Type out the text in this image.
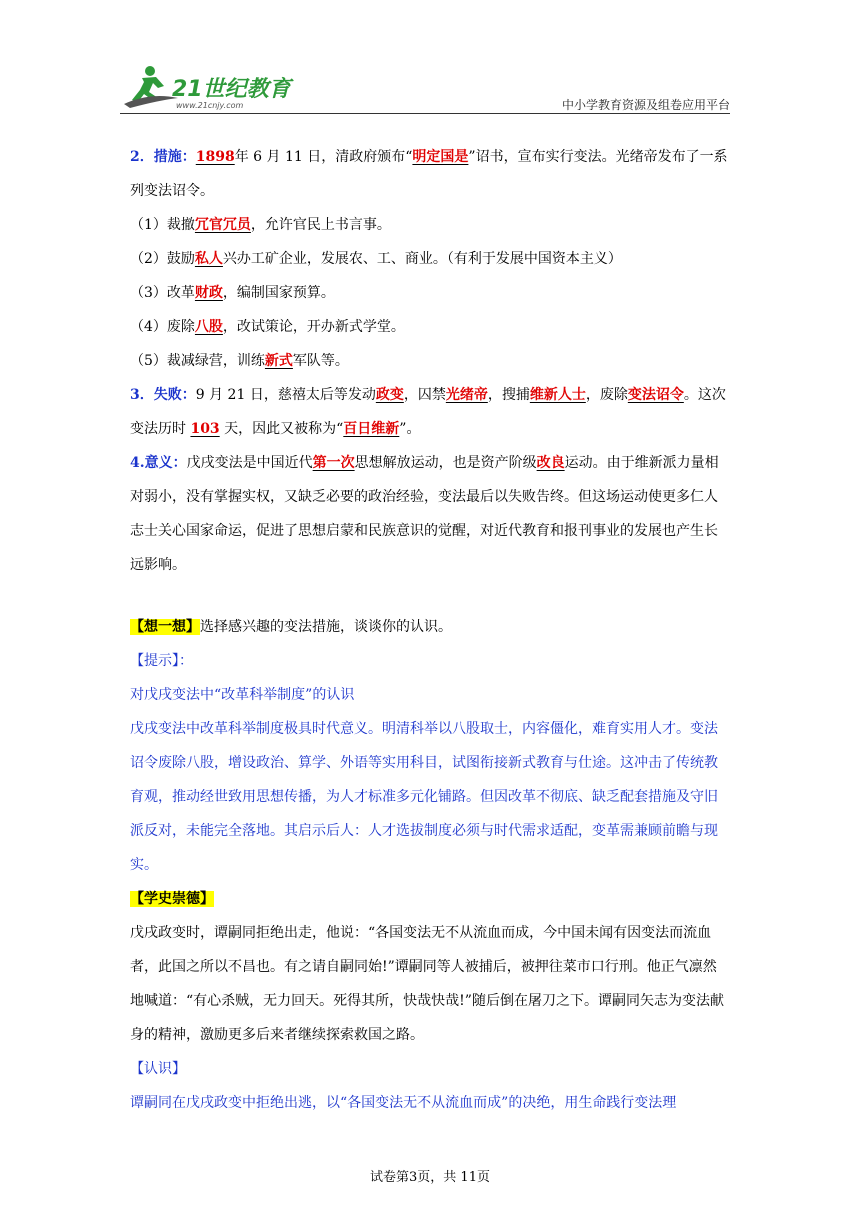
21世纪教育
www.21cnjy.com	中小学教育资源及组卷应用平台

2．措施：1898年 6 月 11 日，清政府颁布“明定国是”诏书，宣布实行变法。光绪帝发布了一系列变法诏令。

（1）裁撤冗官冗员，允许官民上书言事。

（2）鼓励私人兴办工矿企业，发展农、工、商业。（有利于发展中国资本主义）

（3）改革财政，编制国家预算。

（4）废除八股，改试策论，开办新式学堂。

（5）裁减绿营，训练新式军队等。

3．失败：9 月 21 日，慈禧太后等发动政变，囚禁光绪帝，搜捕维新人士，废除变法诏令。这次变法历时 103 天，因此又被称为“百日维新”。

4.意义：戊戌变法是中国近代第一次思想解放运动，也是资产阶级改良运动。由于维新派力量相对弱小，没有掌握实权，又缺乏必要的政治经验，变法最后以失败告终。但这场运动使更多仁人志士关心国家命运，促进了思想启蒙和民族意识的觉醒，对近代教育和报刊事业的发展也产生长远影响。

【想一想】选择感兴趣的变法措施，谈谈你的认识。

【提示】：

对戊戌变法中“改革科举制度”的认识

戊戌变法中改革科举制度极具时代意义。明清科举以八股取士，内容僵化，难育实用人才。变法诏令废除八股，增设政治、算学、外语等实用科目，试图衔接新式教育与仕途。这冲击了传统教育观，推动经世致用思想传播，为人才标准多元化铺路。但因改革不彻底、缺乏配套措施及守旧派反对，未能完全落地。其启示后人：人才选拔制度必须与时代需求适配，变革需兼顾前瞻与现实。

【学史崇德】

戊戌政变时，谭嗣同拒绝出走，他说：“各国变法无不从流血而成，今中国未闻有因变法而流血者，此国之所以不昌也。有之请自嗣同始!”谭嗣同等人被捕后，被押往菜市口行刑。他正气凛然地喊道：“有心杀贼，无力回天。死得其所，快哉快哉!”随后倒在屠刀之下。谭嗣同矢志为变法献身的精神，激励更多后来者继续探索救国之路。

【认识】

谭嗣同在戊戌政变中拒绝出逃，以“各国变法无不从流血而成”的决绝，用生命践行变法理

试卷第3页，共 11页
